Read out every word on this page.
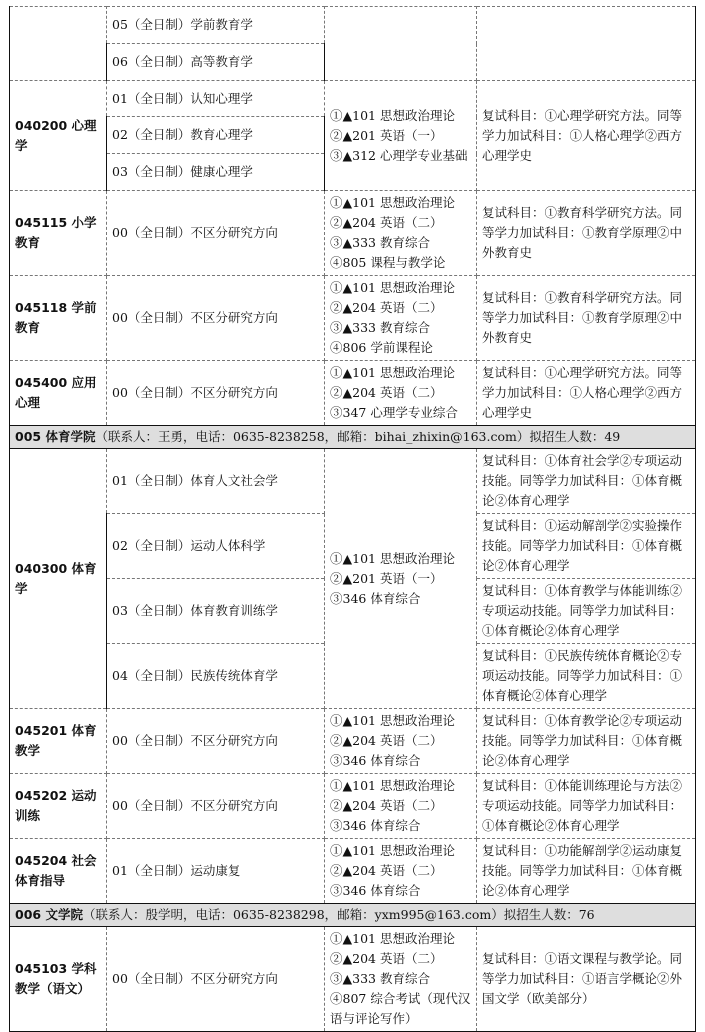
	05（全日制）学前教育学		
	06（全日制）高等教育学		
040200 心理学	01（全日制）认知心理学	①▲101 思想政治理论
②▲201 英语（一）
③▲312 心理学专业基础	复试科目：①心理学研究方法。同等学力加试科目：①人格心理学②西方心理学史
	02（全日制）教育心理学		
	03（全日制）健康心理学		
045115 小学教育	00（全日制）不区分研究方向	①▲101 思想政治理论
②▲204 英语（二）
③▲333 教育综合
④805 课程与教学论	复试科目：①教育科学研究方法。同等学力加试科目：①教育学原理②中外教育史
045118 学前教育	00（全日制）不区分研究方向	①▲101 思想政治理论
②▲204 英语（二）
③▲333 教育综合
④806 学前课程论	复试科目：①教育科学研究方法。同等学力加试科目：①教育学原理②中外教育史
045400 应用心理	00（全日制）不区分研究方向	①▲101 思想政治理论
②▲204 英语（二）
③347 心理学专业综合	复试科目：①心理学研究方法。同等学力加试科目：①人格心理学②西方心理学史
005 体育学院（联系人：王勇，电话：0635-8238258，邮箱：bihai_zhixin@163.com）拟招生人数：49			
040300 体育学	01（全日制）体育人文社会学	①▲101 思想政治理论
②▲201 英语（一）
③346 体育综合	复试科目：①体育社会学②专项运动技能。同等学力加试科目：①体育概论②体育心理学
	02（全日制）运动人体科学		复试科目：①运动解剖学②实验操作技能。同等学力加试科目：①体育概论②体育心理学
	03（全日制）体育教育训练学		复试科目：①体育教学与体能训练②专项运动技能。同等学力加试科目：①体育概论②体育心理学
	04（全日制）民族传统体育学		复试科目：①民族传统体育概论②专项运动技能。同等学力加试科目：①体育概论②体育心理学
045201 体育教学	00（全日制）不区分研究方向	①▲101 思想政治理论
②▲204 英语（二）
③346 体育综合	复试科目：①体育教学论②专项运动技能。同等学力加试科目：①体育概论②体育心理学
045202 运动训练	00（全日制）不区分研究方向	①▲101 思想政治理论
②▲204 英语（二）
③346 体育综合	复试科目：①体能训练理论与方法②专项运动技能。同等学力加试科目：①体育概论②体育心理学
045204 社会体育指导	01（全日制）运动康复	①▲101 思想政治理论
②▲204 英语（二）
③346 体育综合	复试科目：①功能解剖学②运动康复技能。同等学力加试科目：①体育概论②体育心理学
006 文学院（联系人：殷学明，电话：0635-8238298，邮箱：yxm995@163.com）拟招生人数：76			
045103 学科教学（语文）	00（全日制）不区分研究方向	①▲101 思想政治理论
②▲204 英语（二）
③▲333 教育综合
④807 综合考试（现代汉语与评论写作）	复试科目：①语文课程与教学论。同等学力加试科目：①语言学概论②外国文学（欧美部分）
